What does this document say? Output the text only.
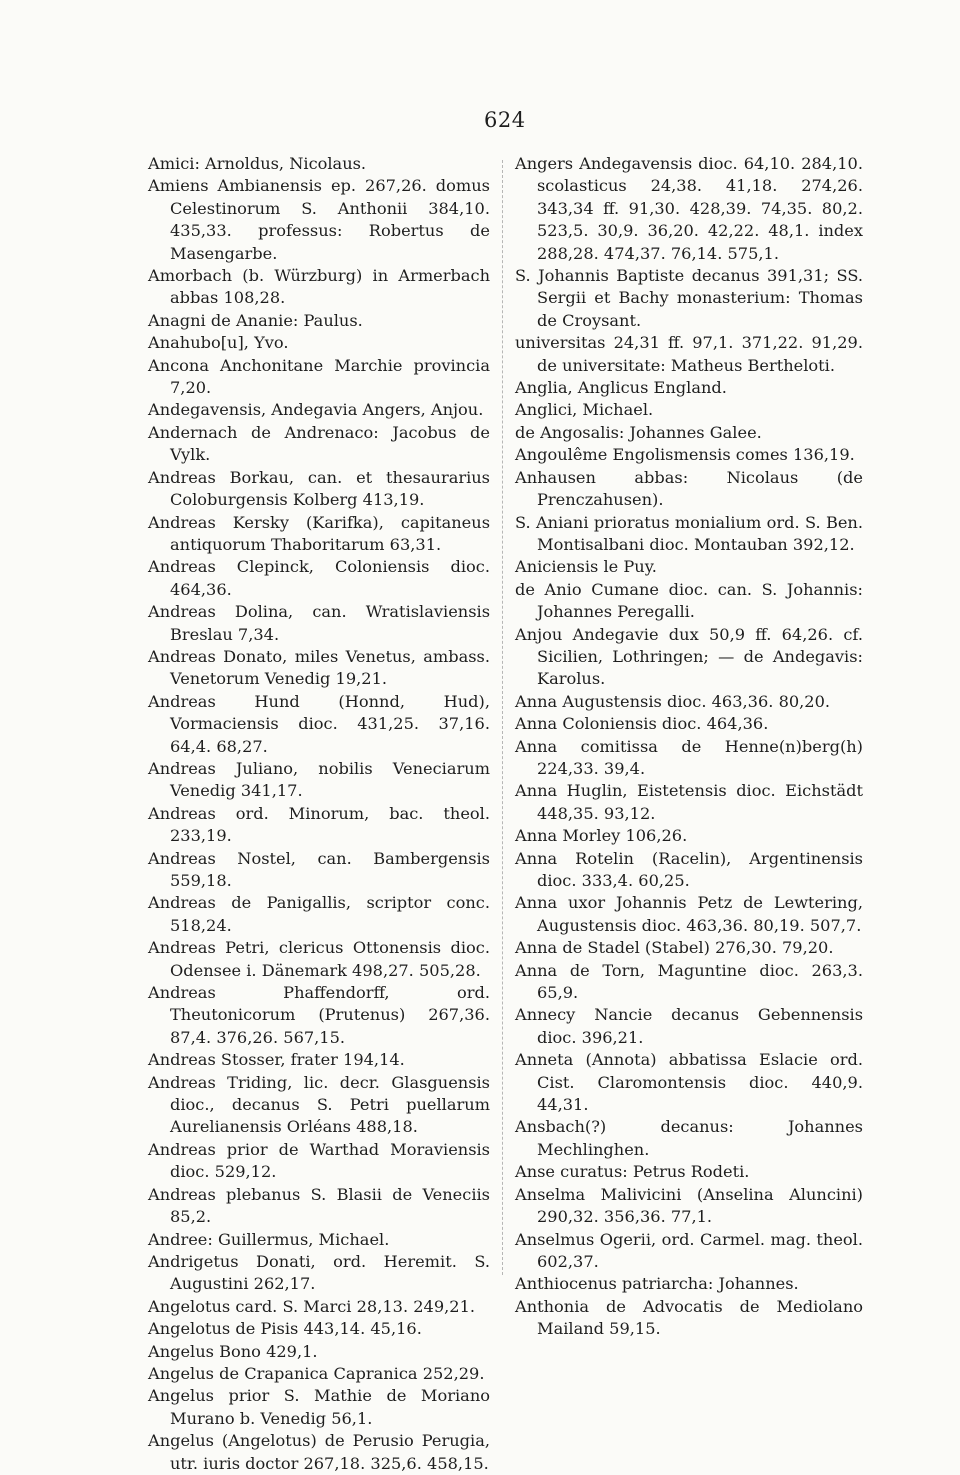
624

Amici: Arnoldus, Nicolaus.

Amiens Ambianensis ep. 267,26. domus Celestinorum S. Anthonii 384,10. 435,33. professus: Robertus de Masengarbe.

Amorbach (b. Würzburg) in Armerbach abbas 108,28.

Anagni de Ananie: Paulus.

Anahubo[u], Yvo.

Ancona Anchonitane Marchie provincia 7,20.

Andegavensis, Andegavia Angers, Anjou.

Andernach de Andrenaco: Jacobus de Vylk.

Andreas Borkau, can. et thesaurarius Coloburgensis Kolberg 413,19.

Andreas Kersky (Karifka), capitaneus antiquorum Thaboritarum 63,31.

Andreas Clepinck, Coloniensis dioc. 464,36.

Andreas Dolina, can. Wratislaviensis Breslau 7,34.

Andreas Donato, miles Venetus, ambass. Venetorum Venedig 19,21.

Andreas Hund (Honnd, Hud), Vormaciensis dioc. 431,25. 37,16. 64,4. 68,27.

Andreas Juliano, nobilis Veneciarum Venedig 341,17.

Andreas ord. Minorum, bac. theol. 233,19.

Andreas Nostel, can. Bambergensis 559,18.

Andreas de Panigallis, scriptor conc. 518,24.

Andreas Petri, clericus Ottonensis dioc. Odensee i. Dänemark 498,27. 505,28.

Andreas Phaffendorff, ord. Theutonicorum (Prutenus) 267,36. 87,4. 376,26. 567,15.

Andreas Stosser, frater 194,14.

Andreas Triding, lic. decr. Glasguensis dioc., decanus S. Petri puellarum Aurelianensis Orléans 488,18.

Andreas prior de Warthad Moraviensis dioc. 529,12.

Andreas plebanus S. Blasii de Veneciis 85,2.

Andree: Guillermus, Michael.

Andrigetus Donati, ord. Heremit. S. Augustini 262,17.

Angelotus card. S. Marci 28,13. 249,21.

Angelotus de Pisis 443,14. 45,16.

Angelus Bono 429,1.

Angelus de Crapanica Capranica 252,29.

Angelus prior S. Mathie de Moriano Murano b. Venedig 56,1.

Angelus (Angelotus) de Perusio Perugia, utr. iuris doctor 267,18. 325,6. 458,15.

Angers Andegavensis dioc. 64,10. 284,10. scolasticus 24,38. 41,18. 274,26. 343,34 ff. 91,30. 428,39. 74,35. 80,2. 523,5. 30,9. 36,20. 42,22. 48,1. index 288,28. 474,37. 76,14. 575,1.

S. Johannis Baptiste decanus 391,31; SS. Sergii et Bachy monasterium: Thomas de Croysant.

universitas 24,31 ff. 97,1. 371,22. 91,29. de universitate: Matheus Bertheloti.

Anglia, Anglicus England.

Anglici, Michael.

de Angosalis: Johannes Galee.

Angoulême Engolismensis comes 136,19.

Anhausen abbas: Nicolaus (de Prenczahusen).

S. Aniani prioratus monialium ord. S. Ben. Montisalbani dioc. Montauban 392,12.

Aniciensis le Puy.

de Anio Cumane dioc. can. S. Johannis: Johannes Peregalli.

Anjou Andegavie dux 50,9 ff. 64,26. cf. Sicilien, Lothringen; — de Andegavis: Karolus.

Anna Augustensis dioc. 463,36. 80,20.

Anna Coloniensis dioc. 464,36.

Anna comitissa de Henne(n)berg(h) 224,33. 39,4.

Anna Huglin, Eistetensis dioc. Eichstädt 448,35. 93,12.

Anna Morley 106,26.

Anna Rotelin (Racelin), Argentinensis dioc. 333,4. 60,25.

Anna uxor Johannis Petz de Lewtering, Augustensis dioc. 463,36. 80,19. 507,7.

Anna de Stadel (Stabel) 276,30. 79,20.

Anna de Torn, Maguntine dioc. 263,3. 65,9.

Annecy Nancie decanus Gebennensis dioc. 396,21.

Anneta (Annota) abbatissa Eslacie ord. Cist. Claromontensis dioc. 440,9. 44,31.

Ansbach(?) decanus: Johannes Mechlinghen.

Anse curatus: Petrus Rodeti.

Anselma Malivicini (Anselina Aluncini) 290,32. 356,36. 77,1.

Anselmus Ogerii, ord. Carmel. mag. theol. 602,37.

Anthiocenus patriarcha: Johannes.

Anthonia de Advocatis de Mediolano Mailand 59,15.
